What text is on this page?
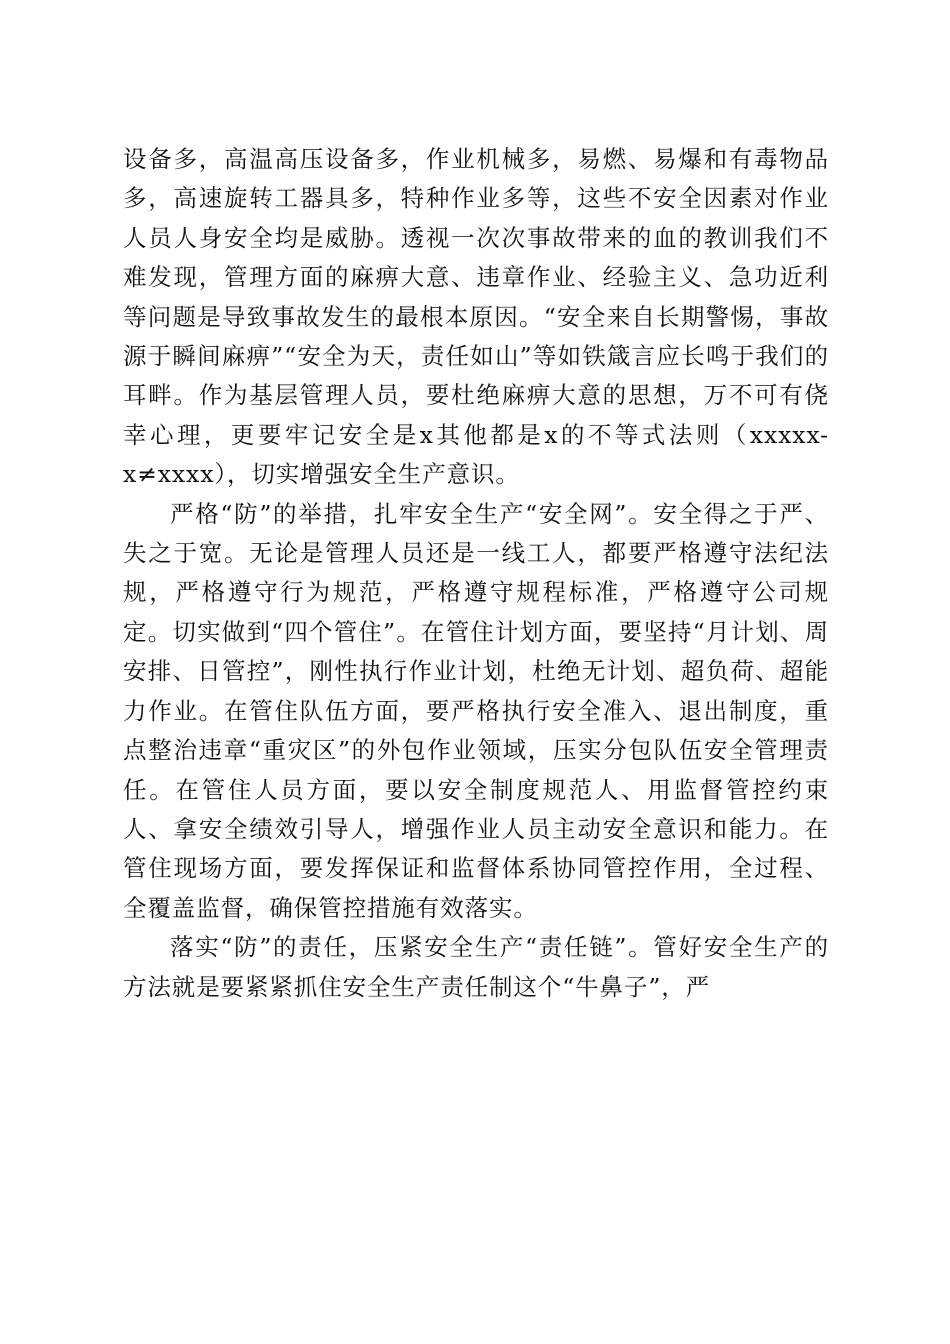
设备多，高温高压设备多，作业机械多，易燃、易爆和有毒物品多，高速旋转工器具多，特种作业多等，这些不安全因素对作业人员人身安全均是威胁。透视一次次事故带来的血的教训我们不难发现，管理方面的麻痹大意、违章作业、经验主义、急功近利等问题是导致事故发生的最根本原因。“安全来自长期警惕，事故源于瞬间麻痹”“安全为天，责任如山”等如铁箴言应长鸣于我们的耳畔。作为基层管理人员，要杜绝麻痹大意的思想，万不可有侥幸心理，更要牢记安全是x其他都是x的不等式法则（xxxxx-x≠xxxx），切实增强安全生产意识。

严格“防”的举措，扎牢安全生产“安全网”。安全得之于严、失之于宽。无论是管理人员还是一线工人，都要严格遵守法纪法规，严格遵守行为规范，严格遵守规程标准，严格遵守公司规定。切实做到“四个管住”。在管住计划方面，要坚持“月计划、周安排、日管控”，刚性执行作业计划，杜绝无计划、超负荷、超能力作业。在管住队伍方面，要严格执行安全准入、退出制度，重点整治违章“重灾区”的外包作业领域，压实分包队伍安全管理责任。在管住人员方面，要以安全制度规范人、用监督管控约束人、拿安全绩效引导人，增强作业人员主动安全意识和能力。在管住现场方面，要发挥保证和监督体系协同管控作用，全过程、全覆盖监督，确保管控措施有效落实。

落实“防”的责任，压紧安全生产“责任链”。管好安全生产的方法就是要紧紧抓住安全生产责任制这个“牛鼻子”，严
